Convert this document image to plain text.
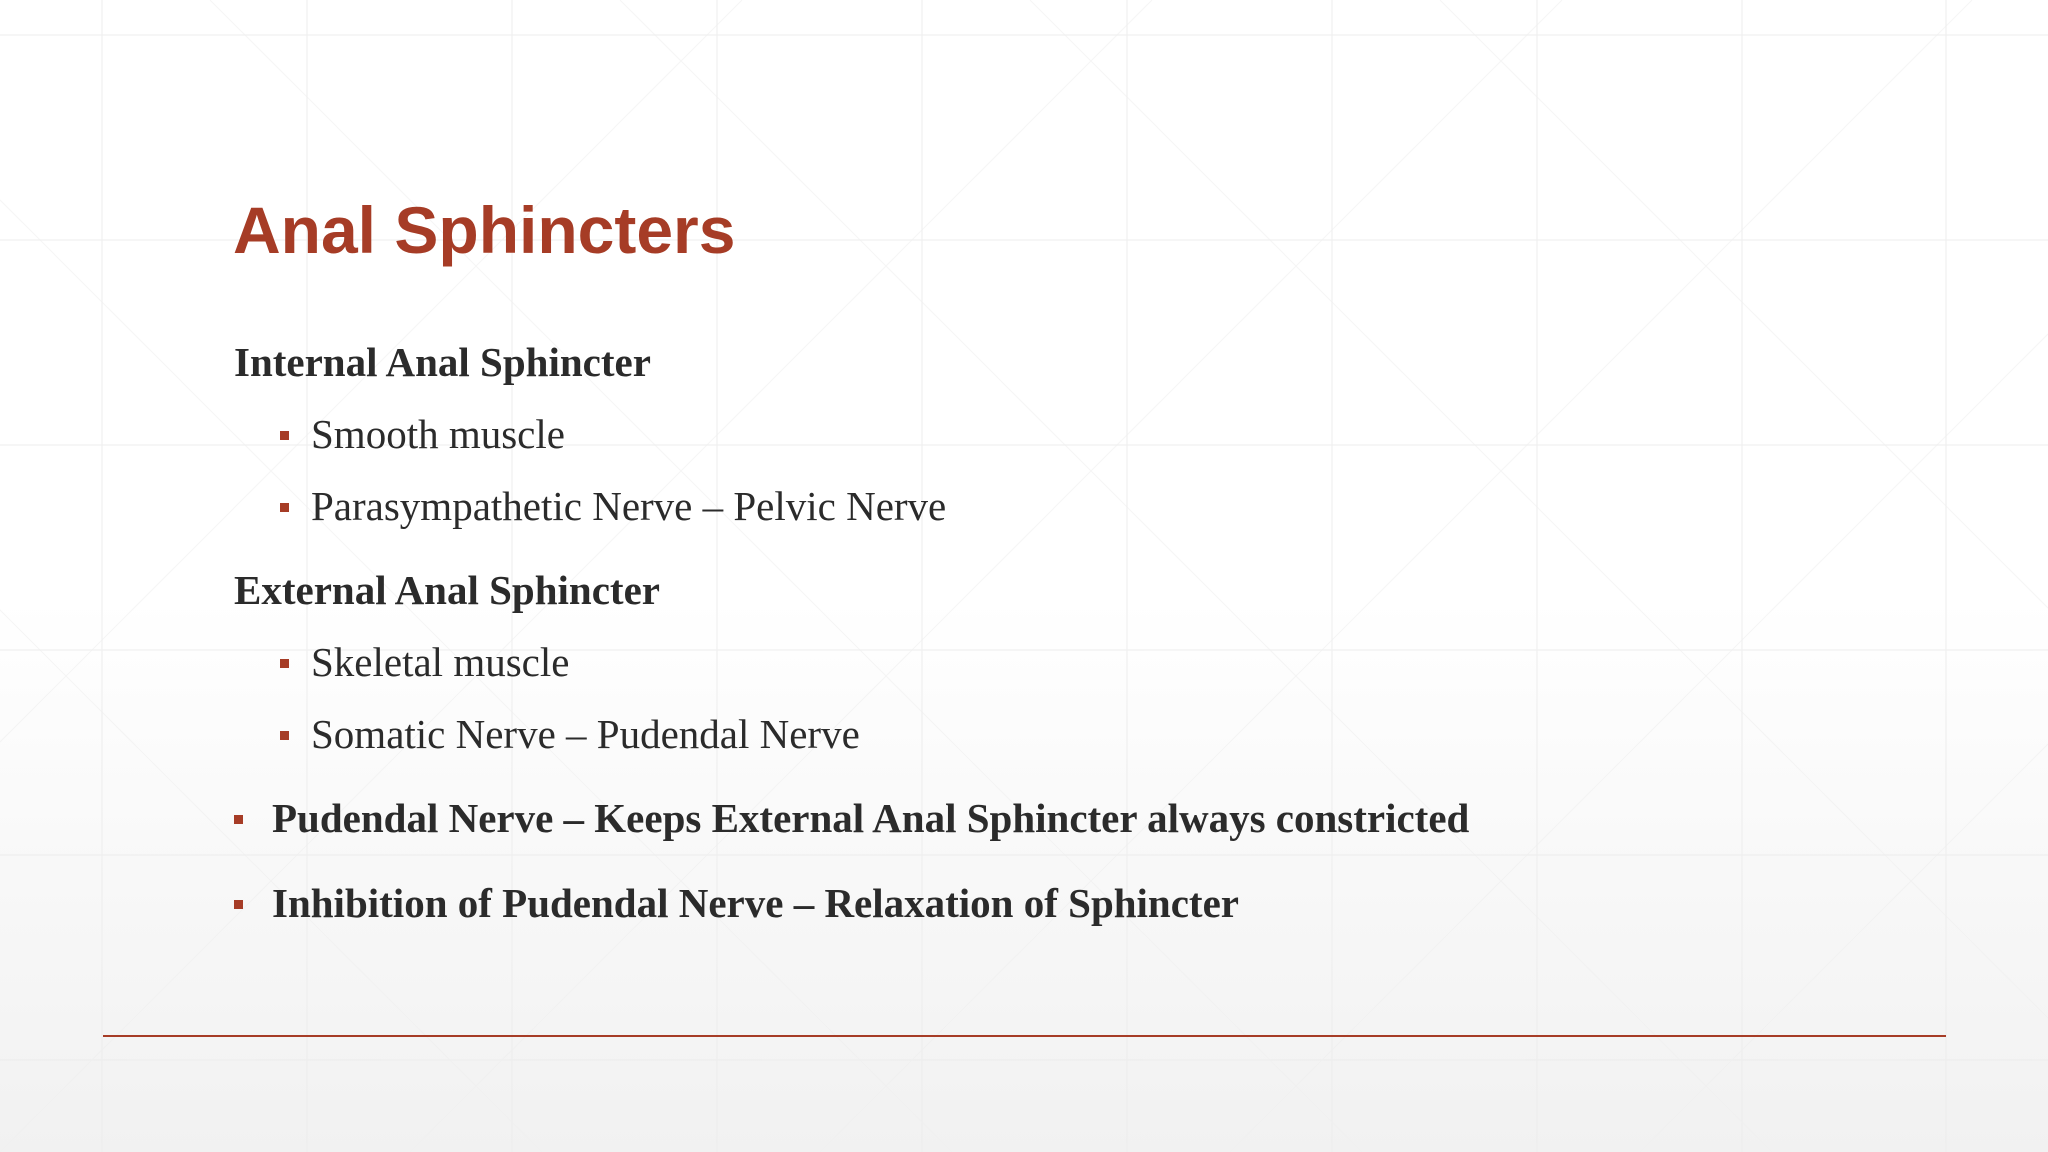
Anal Sphincters
Internal Anal Sphincter
Smooth muscle
Parasympathetic Nerve – Pelvic Nerve
External Anal Sphincter
Skeletal muscle
Somatic Nerve – Pudendal Nerve
Pudendal Nerve – Keeps External Anal Sphincter always constricted
Inhibition of Pudendal Nerve – Relaxation of Sphincter
